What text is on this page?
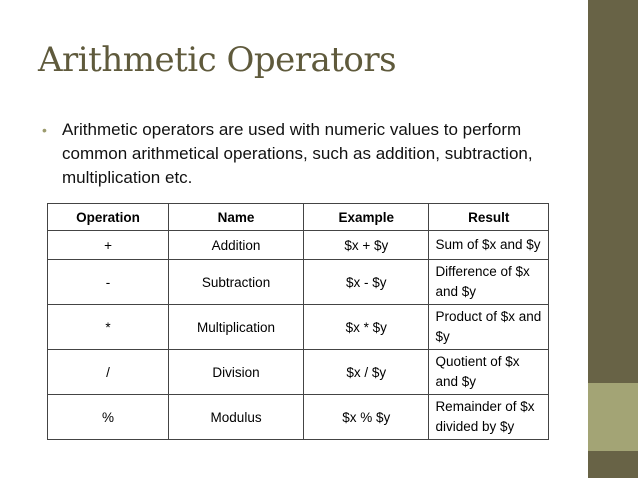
Arithmetic Operators
• Arithmetic operators are used with numeric values to perform common arithmetical operations, such as addition, subtraction, multiplication etc.
Operation	Name	Example	Result
+	Addition	$x + $y	Sum of $x and $y
-	Subtraction	$x - $y	Difference of $x and $y
*	Multiplication	$x * $y	Product of $x and $y
/	Division	$x / $y	Quotient of $x and $y
%	Modulus	$x % $y	Remainder of $x divided by $y
